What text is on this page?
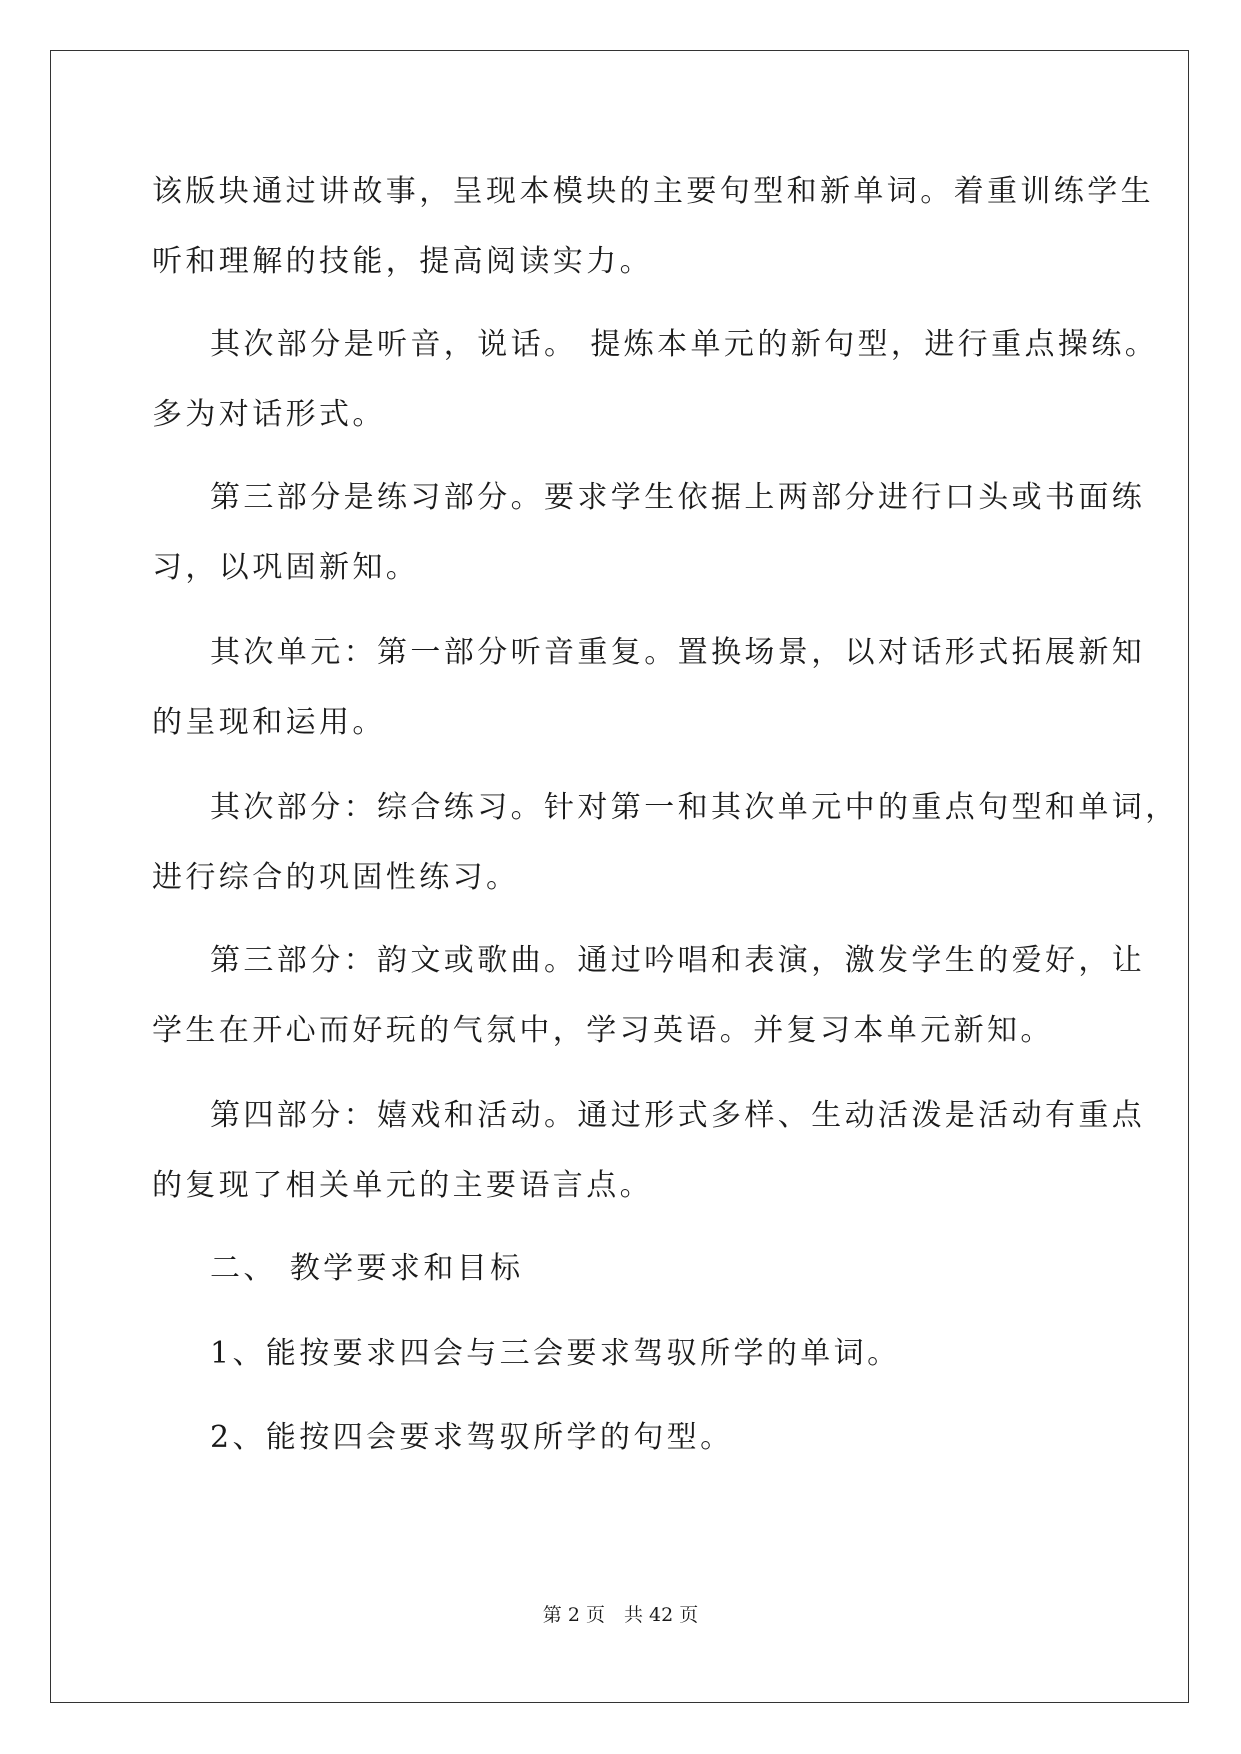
该版块通过讲故事，呈现本模块的主要句型和新单词。着重训练学生
听和理解的技能，提高阅读实力。
其次部分是听音，说话。 提炼本单元的新句型，进行重点操练。
多为对话形式。
第三部分是练习部分。要求学生依据上两部分进行口头或书面练
习，以巩固新知。
其次单元：第一部分听音重复。置换场景，以对话形式拓展新知
的呈现和运用。
其次部分：综合练习。针对第一和其次单元中的重点句型和单词，
进行综合的巩固性练习。
第三部分：韵文或歌曲。通过吟唱和表演，激发学生的爱好，让
学生在开心而好玩的气氛中，学习英语。并复习本单元新知。
第四部分：嬉戏和活动。通过形式多样、生动活泼是活动有重点
的复现了相关单元的主要语言点。
二、 教学要求和目标
1、能按要求四会与三会要求驾驭所学的单词。
2、能按四会要求驾驭所学的句型。
第 2 页　共 42 页
